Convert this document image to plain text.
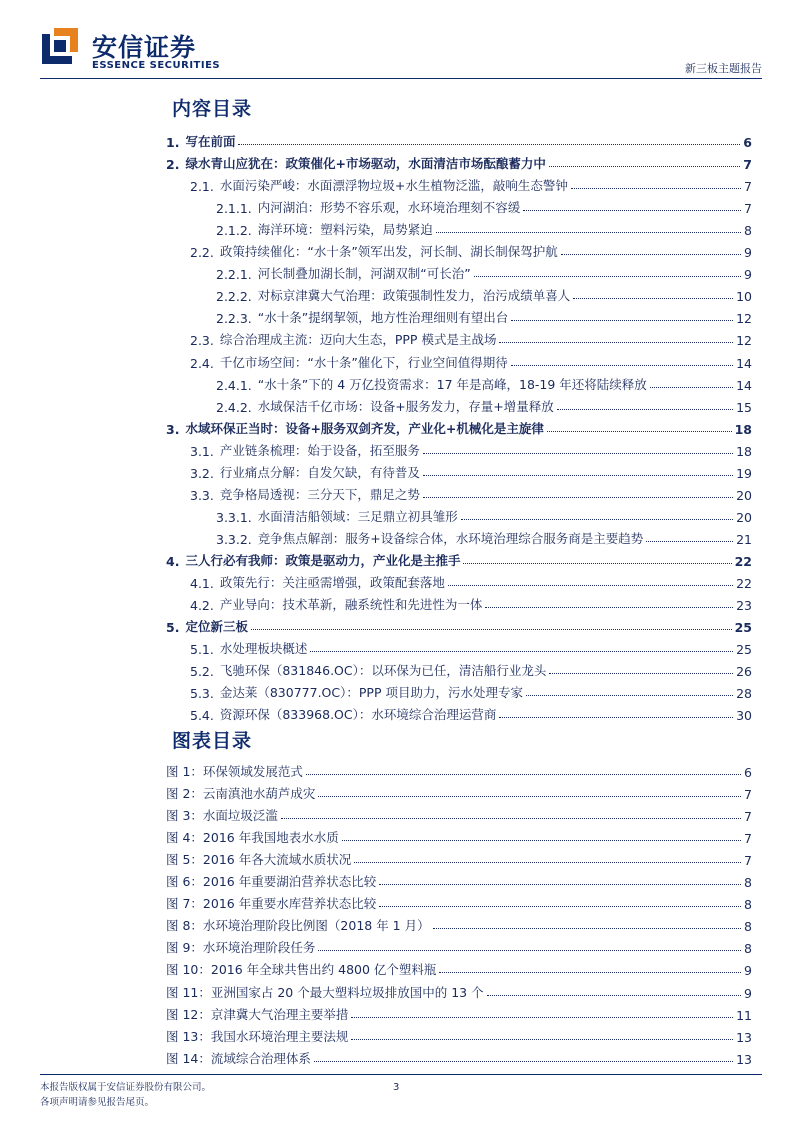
安信证券
ESSENCE SECURITIES	新三板主题报告
内容目录
1. 写在前面	6
2. 绿水青山应犹在：政策催化+市场驱动，水面清洁市场酝酿蓄力中	7
2.1. 水面污染严峻：水面漂浮物垃圾+水生植物泛滥，敲响生态警钟	7
2.1.1. 内河湖泊：形势不容乐观，水环境治理刻不容缓	7
2.1.2. 海洋环境：塑料污染，局势紧迫	8
2.2. 政策持续催化：“水十条”领军出发，河长制、湖长制保驾护航	9
2.2.1. 河长制叠加湖长制，河湖双制“可长治”	9
2.2.2. 对标京津冀大气治理：政策强制性发力，治污成绩单喜人	10
2.2.3. “水十条”提纲挈领，地方性治理细则有望出台	12
2.3. 综合治理成主流：迈向大生态，PPP 模式是主战场	12
2.4. 千亿市场空间：“水十条”催化下，行业空间值得期待	14
2.4.1. “水十条”下的 4 万亿投资需求：17 年是高峰，18-19 年还将陆续释放	14
2.4.2. 水域保洁千亿市场：设备+服务发力，存量+增量释放	15
3. 水域环保正当时：设备+服务双剑齐发，产业化+机械化是主旋律	18
3.1. 产业链条梳理：始于设备，拓至服务	18
3.2. 行业痛点分解：自发欠缺，有待普及	19
3.3. 竞争格局透视：三分天下，鼎足之势	20
3.3.1. 水面清洁船领域：三足鼎立初具雏形	20
3.3.2. 竞争焦点解剖：服务+设备综合体，水环境治理综合服务商是主要趋势	21
4. 三人行必有我师：政策是驱动力，产业化是主推手	22
4.1. 政策先行：关注亟需增强，政策配套落地	22
4.2. 产业导向：技术革新，融系统性和先进性为一体	23
5. 定位新三板	25
5.1. 水处理板块概述	25
5.2. 飞驰环保（831846.OC）：以环保为已任，清洁船行业龙头	26
5.3. 金达莱（830777.OC）：PPP 项目助力，污水处理专家	28
5.4. 资源环保（833968.OC）：水环境综合治理运营商	30
图表目录
图 1：环保领域发展范式	6
图 2：云南滇池水葫芦成灾	7
图 3：水面垃圾泛滥	7
图 4：2016 年我国地表水水质	7
图 5：2016 年各大流域水质状况	7
图 6：2016 年重要湖泊营养状态比较	8
图 7：2016 年重要水库营养状态比较	8
图 8：水环境治理阶段比例图（2018 年 1 月）	8
图 9：水环境治理阶段任务	8
图 10：2016 年全球共售出约 4800 亿个塑料瓶	9
图 11：亚洲国家占 20 个最大塑料垃圾排放国中的 13 个	9
图 12：京津冀大气治理主要举措	11
图 13：我国水环境治理主要法规	13
图 14：流域综合治理体系	13
本报告版权属于安信证券股份有限公司。
各项声明请参见报告尾页。
3
